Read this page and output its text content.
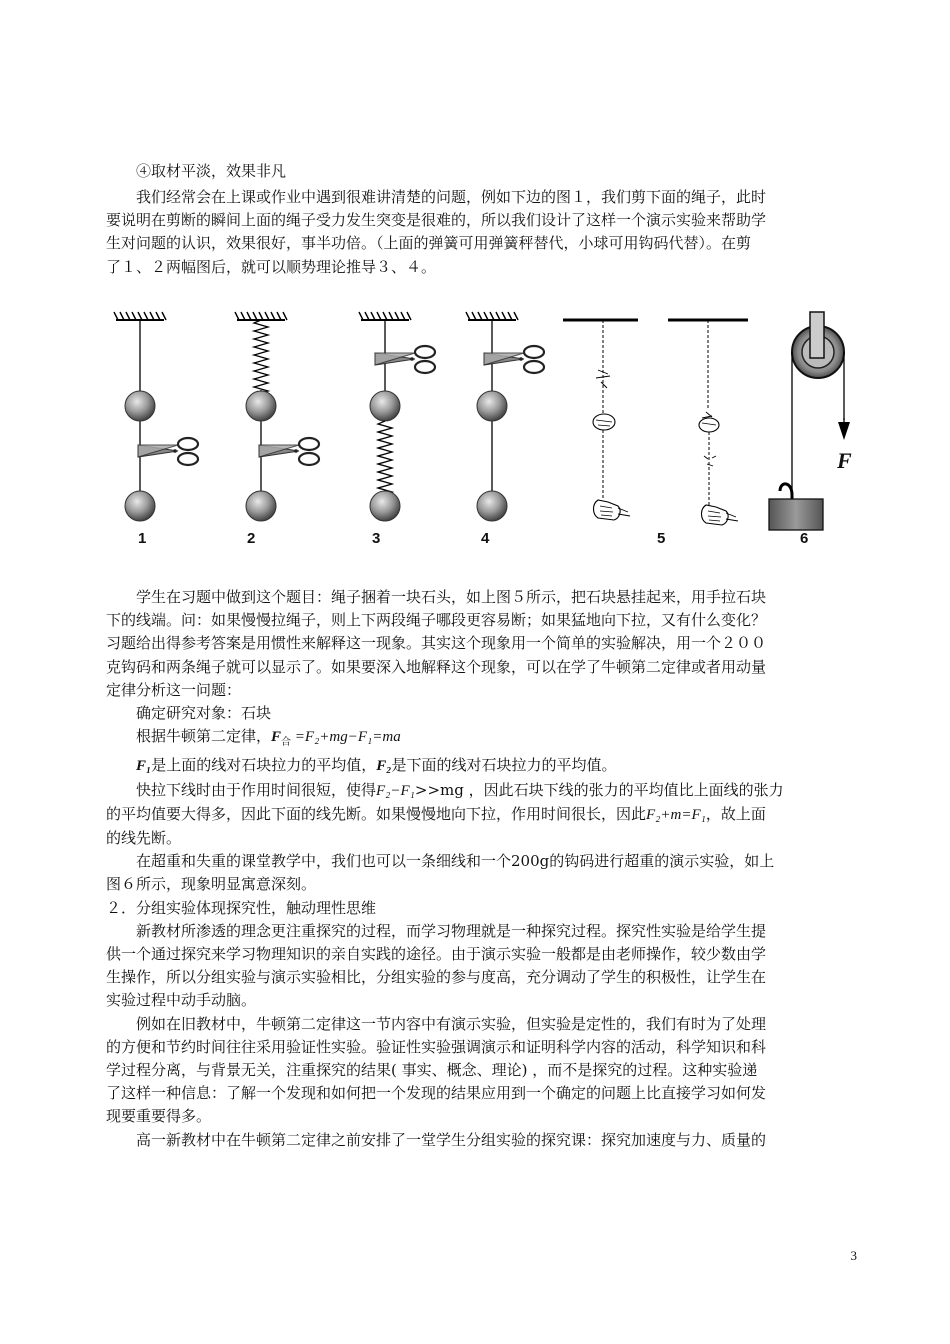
④取材平淡，效果非凡
我们经常会在上课或作业中遇到很难讲清楚的问题，例如下边的图１，我们剪下面的绳子，此时
要说明在剪断的瞬间上面的绳子受力发生突变是很难的，所以我们设计了这样一个演示实验来帮助学
生对问题的认识，效果很好，事半功倍。（上面的弹簧可用弹簧秤替代，小球可用钩码代替）。在剪
了１、２两幅图后，就可以顺势理论推导３、４。
1	2	3	4	5	6
F
学生在习题中做到这个题目：绳子捆着一块石头，如上图５所示，把石块悬挂起来，用手拉石块
下的线端。问：如果慢慢拉绳子，则上下两段绳子哪段更容易断；如果猛地向下拉，又有什么变化？
习题给出得参考答案是用惯性来解释这一现象。其实这个现象用一个简单的实验解决，用一个２００
克钩码和两条绳子就可以显示了。如果要深入地解释这个现象，可以在学了牛顿第二定律或者用动量
定律分析这一问题：
确定研究对象：石块
根据牛顿第二定律，$F_合 =F_2+mg-F_1=ma$
F₁是上面的线对石块拉力的平均值，F₂是下面的线对石块拉力的平均值。
快拉下线时由于作用时间很短，使得F₂−F₁>>mg ，因此石块下线的张力的平均值比上面线的张力
的平均值要大得多，因此下面的线先断。如果慢慢地向下拉，作用时间很长，因此F₂+m=F₁，故上面
的线先断。
在超重和失重的课堂教学中，我们也可以一条细线和一个200g的钩码进行超重的演示实验，如上
图６所示，现象明显寓意深刻。
２．分组实验体现探究性，触动理性思维
新教材所渗透的理念更注重探究的过程，而学习物理就是一种探究过程。探究性实验是给学生提
供一个通过探究来学习物理知识的亲自实践的途径。由于演示实验一般都是由老师操作，较少数由学
生操作，所以分组实验与演示实验相比，分组实验的参与度高，充分调动了学生的积极性，让学生在
实验过程中动手动脑。
例如在旧教材中，牛顿第二定律这一节内容中有演示实验，但实验是定性的，我们有时为了处理
的方便和节约时间往往采用验证性实验。验证性实验强调演示和证明科学内容的活动，科学知识和科
学过程分离，与背景无关，注重探究的结果( 事实、概念、理论) ，而不是探究的过程。这种实验递
了这样一种信息：了解一个发现和如何把一个发现的结果应用到一个确定的问题上比直接学习如何发
现要重要得多。
高一新教材中在牛顿第二定律之前安排了一堂学生分组实验的探究课：探究加速度与力、质量的
3
